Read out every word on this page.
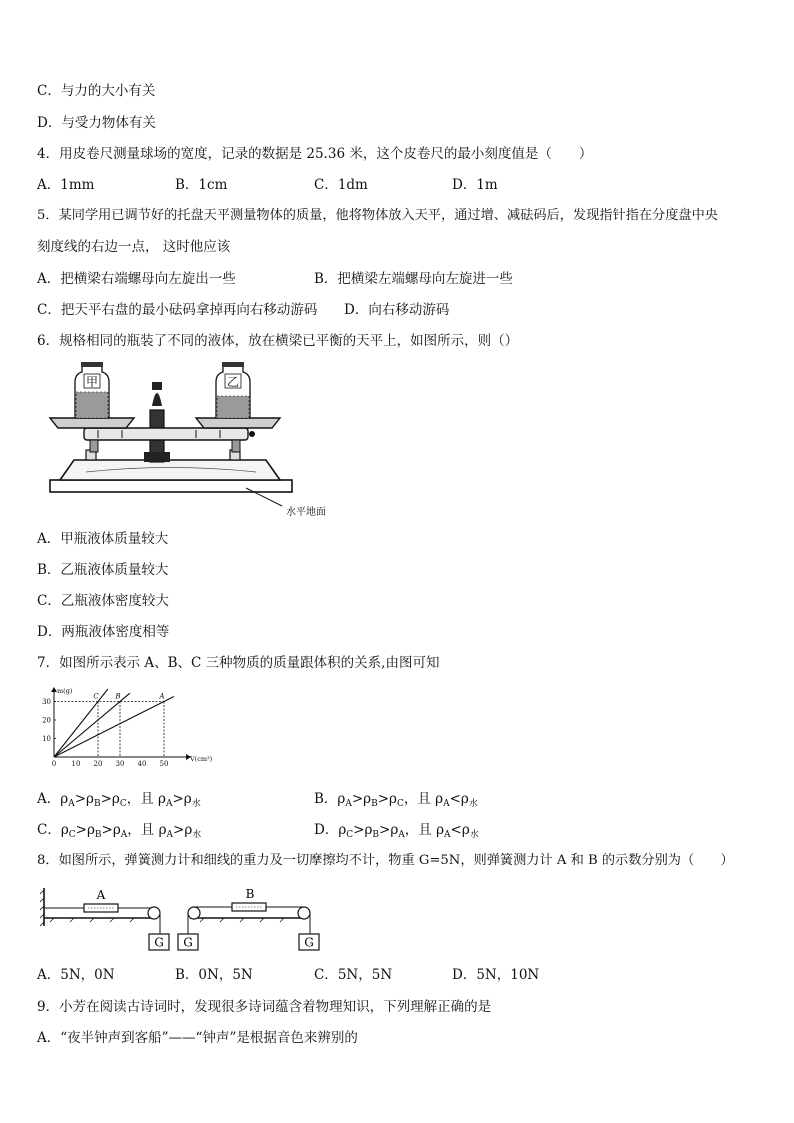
C．与力的大小有关
D．与受力物体有关
4．用皮卷尺测量球场的宽度，记录的数据是 25.36 米，这个皮卷尺的最小刻度值是（　　）
A．1mm	B．1cm	C．1dm	D．1m
5．某同学用已调节好的托盘天平测量物体的质量，他将物体放入天平，通过增、减砝码后，发现指针指在分度盘中央
刻度线的右边一点， 这时他应该
A．把横梁右端螺母向左旋出一些	B．把横梁左端螺母向左旋进一些
C．把天平右盘的最小砝码拿掉再向右移动游码 D．向右移动游码
6．规格相同的瓶装了不同的液体，放在横梁已平衡的天平上，如图所示，则（）
甲	乙
水平地面
A．甲瓶液体质量较大
B．乙瓶液体质量较大
C．乙瓶液体密度较大
D．两瓶液体密度相等
7．如图所示表示 A、B、C 三种物质的质量跟体积的关系,由图可知
V(cm³)
m(g)
0 10 20 30 40 50
10
20
30
C B	A
A．$\rho_A>\rho_B>\rho_C$，且 $\rho_A>\rho_水$	B．$\rho_A>\rho_B>\rho_C$，且 $\rho_A<\rho_水$
C．$\rho_C>\rho_B>\rho_A$，且 $\rho_A>\rho_水$	D．$\rho_C>\rho_B>\rho_A$，且 $\rho_A<\rho_水$
8．如图所示，弹簧测力计和细线的重力及一切摩擦均不计，物重 G=5N，则弹簧测力计 A 和 B 的示数分别为（　　）
A
G
B
G	G
A．5N，0N	B．0N，5N	C．5N，5N	D．5N，10N
9．小芳在阅读古诗词时，发现很多诗词蕴含着物理知识，下列理解正确的是
A．“夜半钟声到客船”——“钟声”是根据音色来辨别的
